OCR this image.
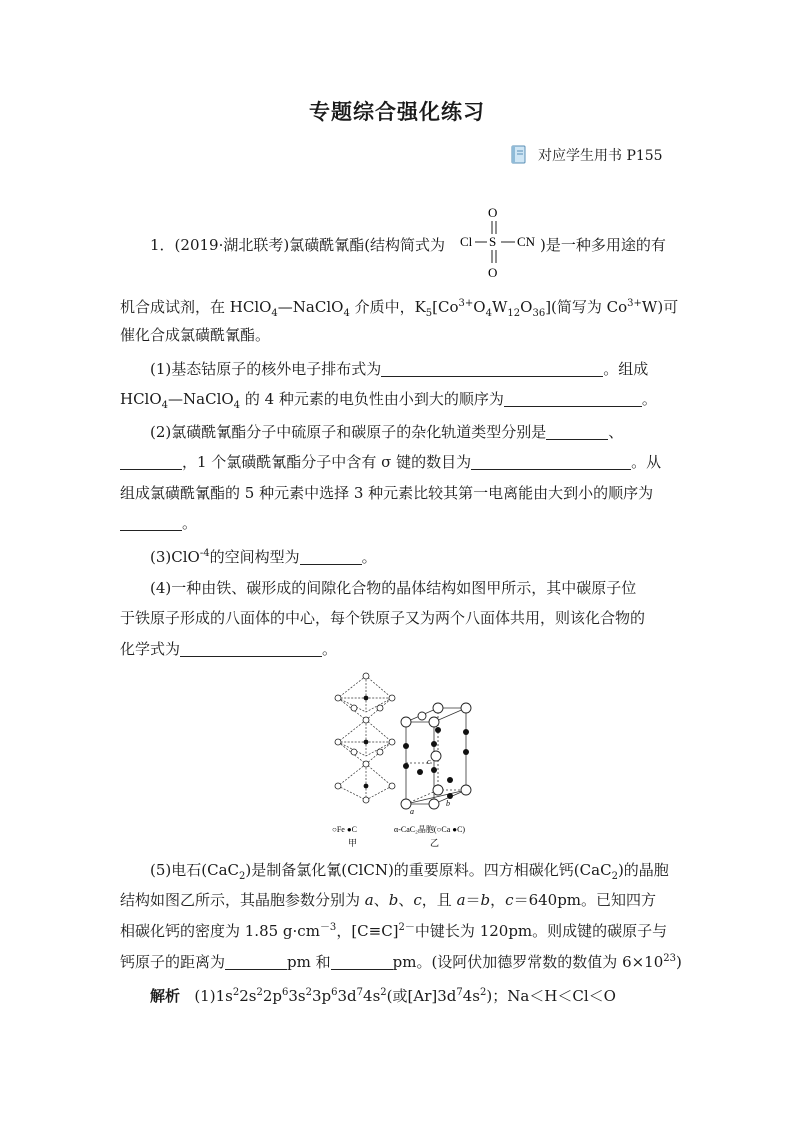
专题综合强化练习
对应学生用书 P155
1．(2019·湖北联考)氯磺酰氰酯(结构简式为
O
Cl S CN
O
)是一种多用途的有
机合成试剂，在 HClO$_4$—NaClO$_4$ 介质中，$K_5[Co^{3+}O_4W_{12}O_{36}]$(简写为 $Co^{3+}W$)可
催化合成氯磺酰氰酯。
(1)基态钴原子的核外电子排布式为	。组成
HClO$_4$—NaClO$_4$ 的 4 种元素的电负性由小到大的顺序为	。
(2)氯磺酰氰酯分子中硫原子和碳原子的杂化轨道类型分别是	、
，1 个氯磺酰氰酯分子中含有 σ 键的数目为	。从
组成氯磺酰氰酯的 5 种元素中选择 3 种元素比较其第一电离能由大到小的顺序为
。
(3)ClO$^{-4}$的空间构型为	。
(4)一种由铁、碳形成的间隙化合物的晶体结构如图甲所示，其中碳原子位
于铁原子形成的八面体的中心，每个铁原子又为两个八面体共用，则该化合物的
化学式为	。
a
b
c
○Fe ●C	α-CaC₂晶胞(○Ca ●C)
甲	乙
(5)电石(CaC$_2$)是制备氯化氰(ClCN)的重要原料。四方相碳化钙(CaC$_2$)的晶胞
结构如图乙所示，其晶胞参数分别为 a、b、c，且 a＝b，c＝640pm。已知四方
相碳化钙的密度为 1.85 $g\cdot cm^{-3}$，$[C\equiv C]^{2-}$中键长为 120pm。则成键的碳原子与
钙原子的距离为	pm 和	pm。(设阿伏加德罗常数的数值为 $6\times 10^{23}$)
解析 $(1)1s^22s^22p^63s^23p^63d^74s^2$(或$[Ar]3d^74s^2$)；Na＜H＜Cl＜O
